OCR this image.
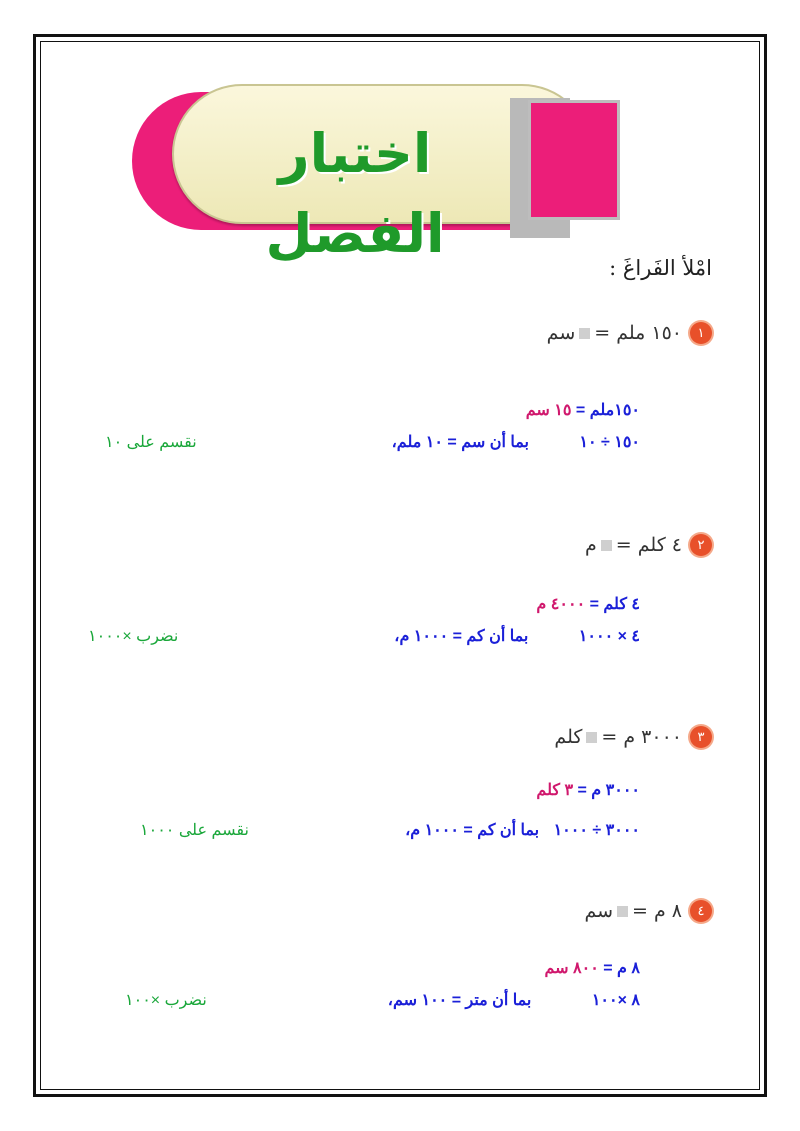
اختبار الفصل
امْلأ الفَراغَ :
١
١٥٠ ملم =
سم
١٥٠ملم = ١٥ سم
١٥٠ ÷ ١٠ بما أن سم = ١٠ ملم،
نقسم على ١٠
٢
٤ كلم =
م
٤ كلم = ٤٠٠٠ م
٤ × ١٠٠٠ بما أن كم = ١٠٠٠ م،
نضرب ×١٠٠٠
٣
٣٠٠٠ م =
كلم
٣٠٠٠ م = ٣ كلم
٣٠٠٠ ÷ ١٠٠٠ بما أن كم = ١٠٠٠ م،
نقسم على ١٠٠٠
٤
٨ م =
سم
٨ م = ٨٠٠ سم
٨ ×١٠٠ بما أن متر = ١٠٠ سم،
نضرب ×١٠٠
